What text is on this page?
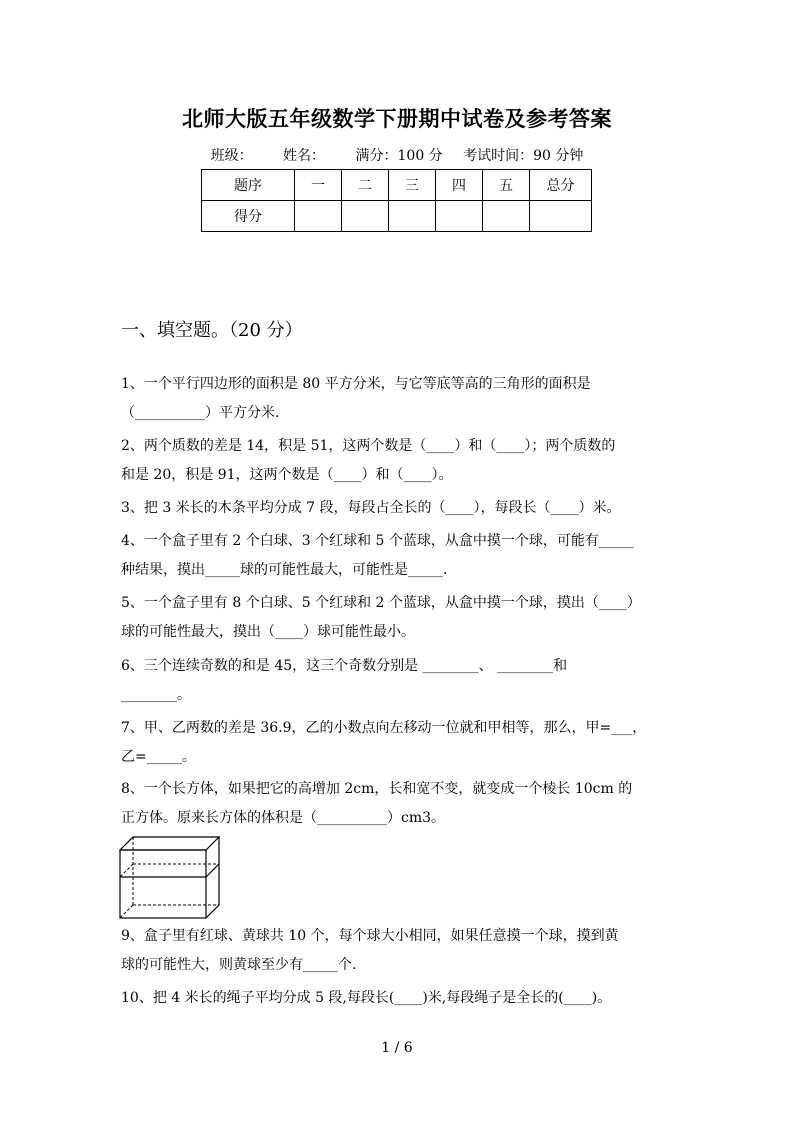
北师大版五年级数学下册期中试卷及参考答案
班级： 姓名： 满分：100 分 考试时间：90 分钟
题序	一	二	三	四	五	总分
得分						
一、填空题。（20 分）
1、一个平行四边形的面积是 80 平方分米，与它等底等高的三角形的面积是
（__________）平方分米.
2、两个质数的差是 14，积是 51，这两个数是（____）和（____）；两个质数的
和是 20，积是 91，这两个数是（____）和（____）。
3、把 3 米长的木条平均分成 7 段，每段占全长的（____），每段长（____）米。
4、一个盒子里有 2 个白球、3 个红球和 5 个蓝球，从盒中摸一个球，可能有_____
种结果，摸出_____球的可能性最大，可能性是_____.
5、一个盒子里有 8 个白球、5 个红球和 2 个蓝球，从盒中摸一个球，摸出（____）
球的可能性最大，摸出（____）球可能性最小。
6、三个连续奇数的和是 45，这三个奇数分别是 ________、 ________和
________。
7、甲、乙两数的差是 36.9，乙的小数点向左移动一位就和甲相等，那么，甲=___，
乙=_____。
8、一个长方体，如果把它的高增加 2cm，长和宽不变，就变成一个棱长 10cm 的
正方体。原来长方体的体积是（__________）cm3。
9、盒子里有红球、黄球共 10 个，每个球大小相同，如果任意摸一个球，摸到黄
球的可能性大，则黄球至少有_____个.
10、把 4 米长的绳子平均分成 5 段,每段长(____)米,每段绳子是全长的(____)。
1 / 6
